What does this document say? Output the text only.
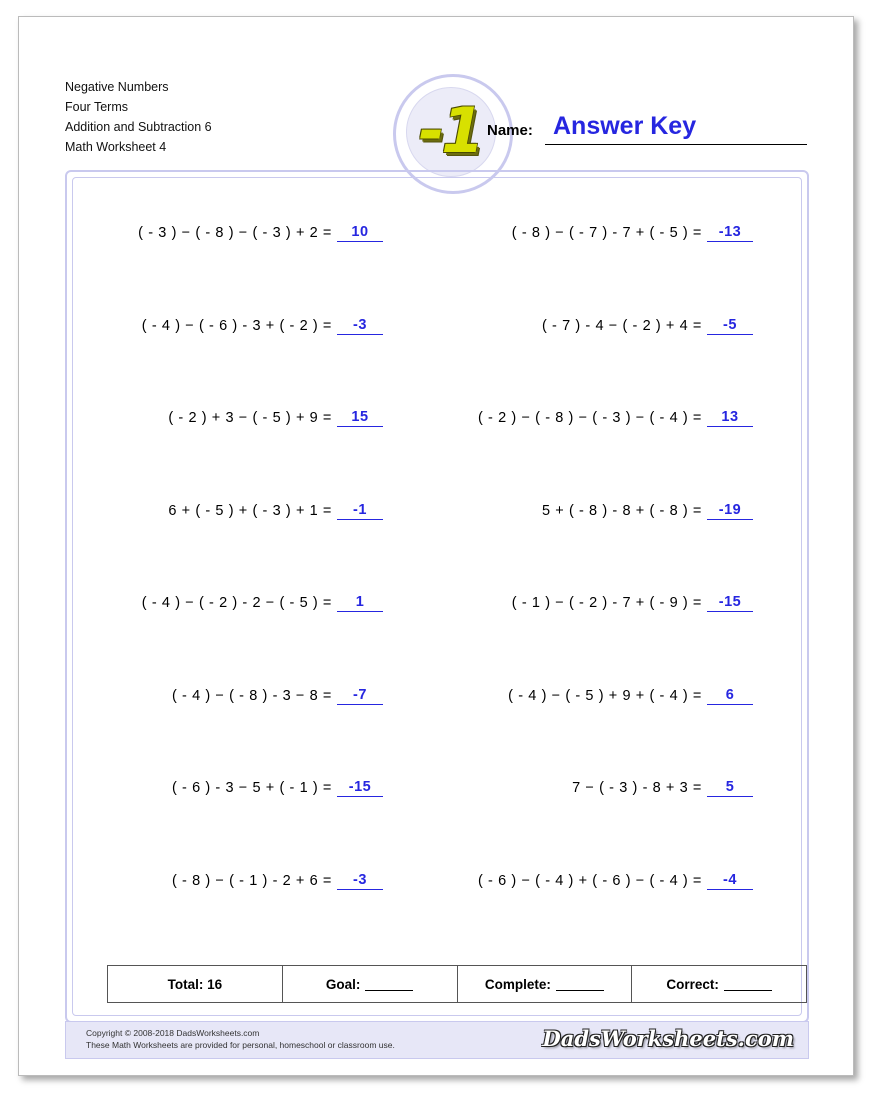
Negative Numbers
Four Terms
Addition and Subtraction 6
Math Worksheet 4	-1 Name: Answer Key
( - 3 ) − ( - 8 ) − ( - 3 ) + 2 =	10	( - 8 ) − ( - 7 ) - 7 + ( - 5 ) =	-13
( - 4 ) − ( - 6 ) - 3 + ( - 2 ) =	-3	( - 7 ) - 4 − ( - 2 ) + 4 =	-5
( - 2 ) + 3 − ( - 5 ) + 9 =	15	( - 2 ) − ( - 8 ) − ( - 3 ) − ( - 4 ) =	13
6 + ( - 5 ) + ( - 3 ) + 1 =	-1	5 + ( - 8 ) - 8 + ( - 8 ) =	-19
( - 4 ) − ( - 2 ) - 2 − ( - 5 ) =	1	( - 1 ) − ( - 2 ) - 7 + ( - 9 ) =	-15
( - 4 ) − ( - 8 ) - 3 − 8 =	-7	( - 4 ) − ( - 5 ) + 9 + ( - 4 ) =	6
( - 6 ) - 3 − 5 + ( - 1 ) =	-15	7 − ( - 3 ) - 8 + 3 =	5
( - 8 ) − ( - 1 ) - 2 + 6 =	-3	( - 6 ) − ( - 4 ) + ( - 6 ) − ( - 4 ) =	-4
Total: 16	Goal:	Complete:	Correct:
Copyright © 2008-2018 DadsWorksheets.com
These Math Worksheets are provided for personal, homeschool or classroom use.	DadsWorksheets.com
